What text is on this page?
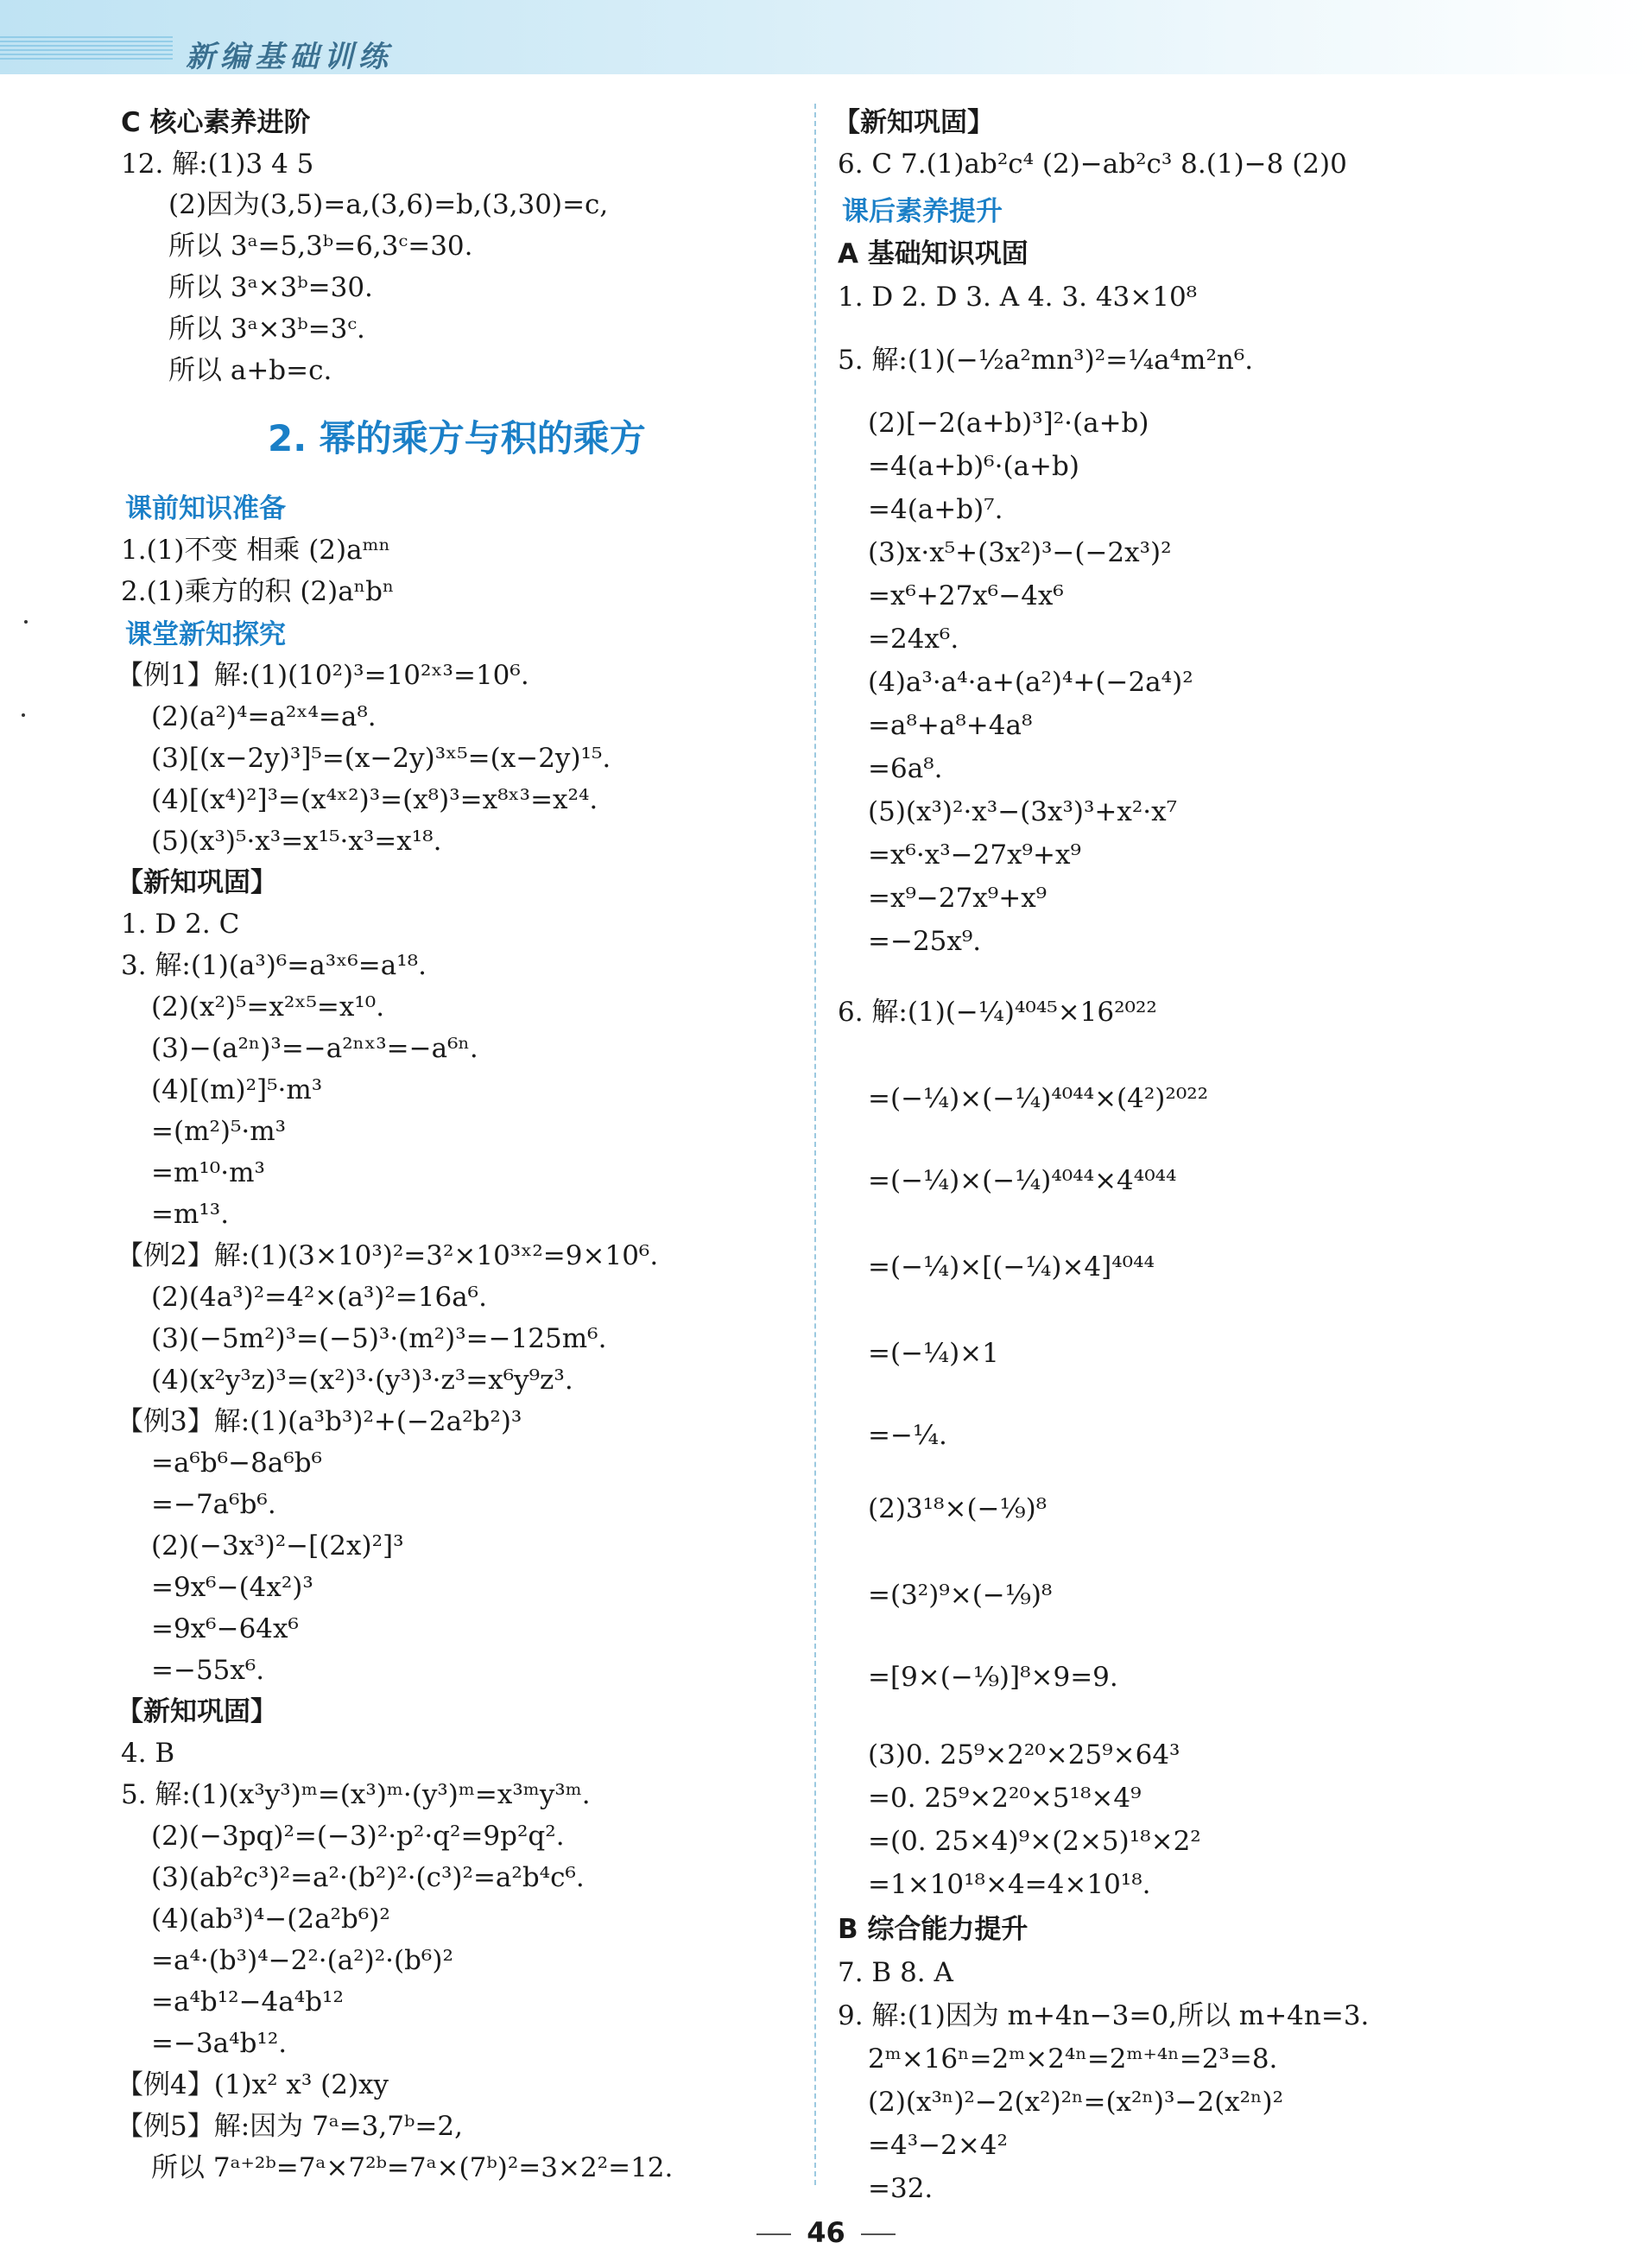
新编基础训练
C 核心素养进阶
12. 解:(1)3 4 5
(2)因为(3,5)=a,(3,6)=b,(3,30)=c,
所以 3ᵃ=5,3ᵇ=6,3ᶜ=30.
所以 3ᵃ×3ᵇ=30.
所以 3ᵃ×3ᵇ=3ᶜ.
所以 a+b=c.
2. 幂的乘方与积的乘方
课前知识准备
1.(1)不变 相乘 (2)aᵐⁿ
2.(1)乘方的积 (2)aⁿbⁿ
课堂新知探究
【例1】解:(1)(10²)³=10²ˣ³=10⁶.
(2)(a²)⁴=a²ˣ⁴=a⁸.
(3)[(x−2y)³]⁵=(x−2y)³ˣ⁵=(x−2y)¹⁵.
(4)[(x⁴)²]³=(x⁴ˣ²)³=(x⁸)³=x⁸ˣ³=x²⁴.
(5)(x³)⁵·x³=x¹⁵·x³=x¹⁸.
【新知巩固】
1. D 2. C
3. 解:(1)(a³)⁶=a³ˣ⁶=a¹⁸.
(2)(x²)⁵=x²ˣ⁵=x¹⁰.
(3)−(a²ⁿ)³=−a²ⁿˣ³=−a⁶ⁿ.
(4)[(m)²]⁵·m³
=(m²)⁵·m³
=m¹⁰·m³
=m¹³.
【例2】解:(1)(3×10³)²=3²×10³ˣ²=9×10⁶.
(2)(4a³)²=4²×(a³)²=16a⁶.
(3)(−5m²)³=(−5)³·(m²)³=−125m⁶.
(4)(x²y³z)³=(x²)³·(y³)³·z³=x⁶y⁹z³.
【例3】解:(1)(a³b³)²+(−2a²b²)³
=a⁶b⁶−8a⁶b⁶
=−7a⁶b⁶.
(2)(−3x³)²−[(2x)²]³
=9x⁶−(4x²)³
=9x⁶−64x⁶
=−55x⁶.
【新知巩固】
4. B
5. 解:(1)(x³y³)ᵐ=(x³)ᵐ·(y³)ᵐ=x³ᵐy³ᵐ.
(2)(−3pq)²=(−3)²·p²·q²=9p²q².
(3)(ab²c³)²=a²·(b²)²·(c³)²=a²b⁴c⁶.
(4)(ab³)⁴−(2a²b⁶)²
=a⁴·(b³)⁴−2²·(a²)²·(b⁶)²
=a⁴b¹²−4a⁴b¹²
=−3a⁴b¹².
【例4】(1)x² x³ (2)xy
【例5】解:因为 7ᵃ=3,7ᵇ=2,
所以 7ᵃ⁺²ᵇ=7ᵃ×7²ᵇ=7ᵃ×(7ᵇ)²=3×2²=12.
【新知巩固】
6. C 7.(1)ab²c⁴ (2)−ab²c³ 8.(1)−8 (2)0
课后素养提升
A 基础知识巩固
1. D 2. D 3. A 4. 3. 43×10⁸
5. 解:(1)(−½a²mn³)²=¼a⁴m²n⁶.
(2)[−2(a+b)³]²·(a+b)
=4(a+b)⁶·(a+b)
=4(a+b)⁷.
(3)x·x⁵+(3x²)³−(−2x³)²
=x⁶+27x⁶−4x⁶
=24x⁶.
(4)a³·a⁴·a+(a²)⁴+(−2a⁴)²
=a⁸+a⁸+4a⁸
=6a⁸.
(5)(x³)²·x³−(3x³)³+x²·x⁷
=x⁶·x³−27x⁹+x⁹
=x⁹−27x⁹+x⁹
=−25x⁹.
6. 解:(1)(−¼)⁴⁰⁴⁵×16²⁰²²
=(−¼)×(−¼)⁴⁰⁴⁴×(4²)²⁰²²
=(−¼)×(−¼)⁴⁰⁴⁴×4⁴⁰⁴⁴
=(−¼)×[(−¼)×4]⁴⁰⁴⁴
=(−¼)×1
=−¼.
(2)3¹⁸×(−⅑)⁸
=(3²)⁹×(−⅑)⁸
=[9×(−⅑)]⁸×9=9.
(3)0. 25⁹×2²⁰×25⁹×64³
=0. 25⁹×2²⁰×5¹⁸×4⁹
=(0. 25×4)⁹×(2×5)¹⁸×2²
=1×10¹⁸×4=4×10¹⁸.
B 综合能力提升
7. B 8. A
9. 解:(1)因为 m+4n−3=0,所以 m+4n=3.
2ᵐ×16ⁿ=2ᵐ×2⁴ⁿ=2ᵐ⁺⁴ⁿ=2³=8.
(2)(x³ⁿ)²−2(x²)²ⁿ=(x²ⁿ)³−2(x²ⁿ)²
=4³−2×4²
=32.
46
